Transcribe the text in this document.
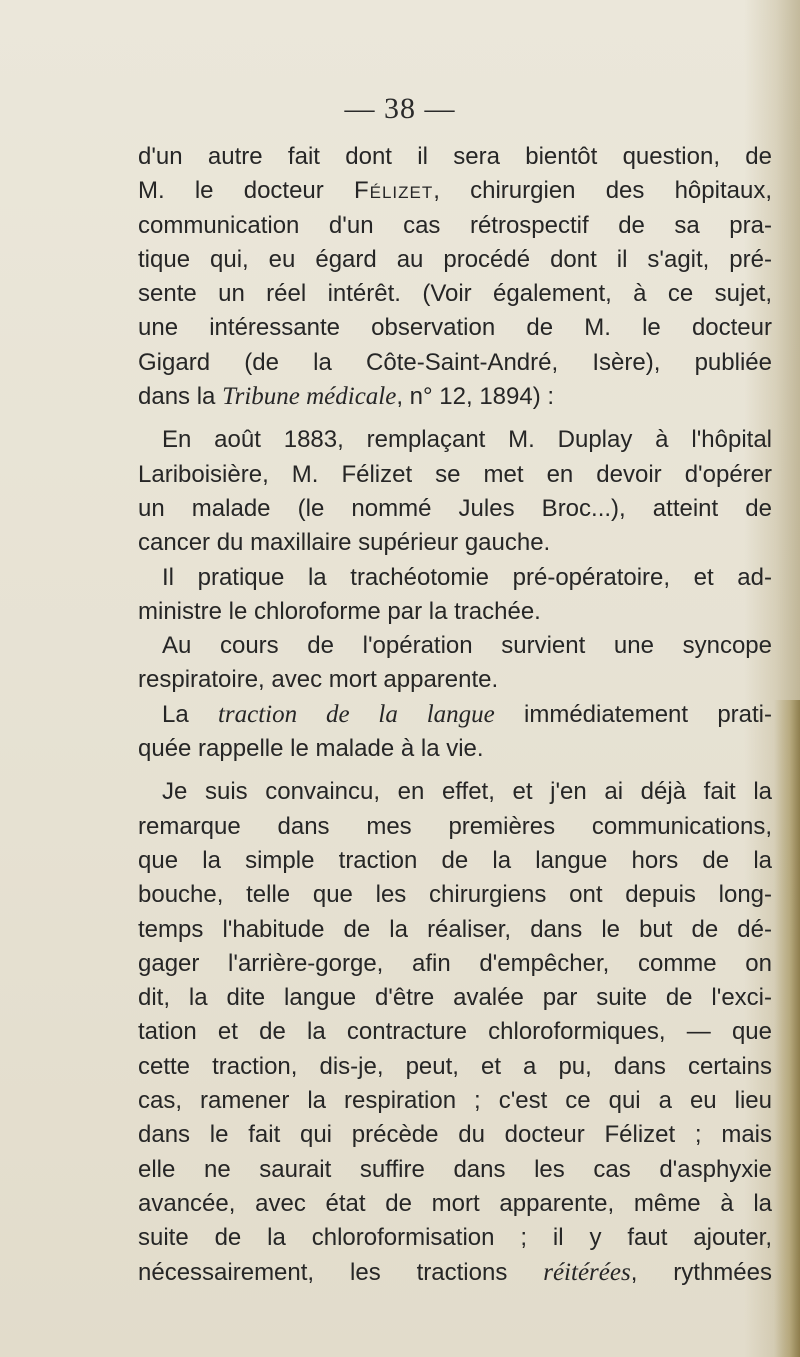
— 38 —
d'un autre fait dont il sera bientôt question, de
M. le docteur Félizet, chirurgien des hôpitaux,
communication d'un cas rétrospectif de sa pra-
tique qui, eu égard au procédé dont il s'agit, pré-
sente un réel intérêt. (Voir également, à ce sujet,
une intéressante observation de M. le docteur
Gigard (de la Côte-Saint-André, Isère), publiée
dans la Tribune médicale, n° 12, 1894) :
En août 1883, remplaçant M. Duplay à l'hôpital
Lariboisière, M. Félizet se met en devoir d'opérer
un malade (le nommé Jules Broc...), atteint de
cancer du maxillaire supérieur gauche.
Il pratique la trachéotomie pré-opératoire, et ad-
ministre le chloroforme par la trachée.
Au cours de l'opération survient une syncope
respiratoire, avec mort apparente.
La traction de la langue immédiatement prati-
quée rappelle le malade à la vie.
Je suis convaincu, en effet, et j'en ai déjà fait la
remarque dans mes premières communications,
que la simple traction de la langue hors de la
bouche, telle que les chirurgiens ont depuis long-
temps l'habitude de la réaliser, dans le but de dé-
gager l'arrière-gorge, afin d'empêcher, comme on
dit, la dite langue d'être avalée par suite de l'exci-
tation et de la contracture chloroformiques, — que
cette traction, dis-je, peut, et a pu, dans certains
cas, ramener la respiration ; c'est ce qui a eu lieu
dans le fait qui précède du docteur Félizet ; mais
elle ne saurait suffire dans les cas d'asphyxie
avancée, avec état de mort apparente, même à la
suite de la chloroformisation ; il y faut ajouter,
nécessairement, les tractions réitérées, rythmées
